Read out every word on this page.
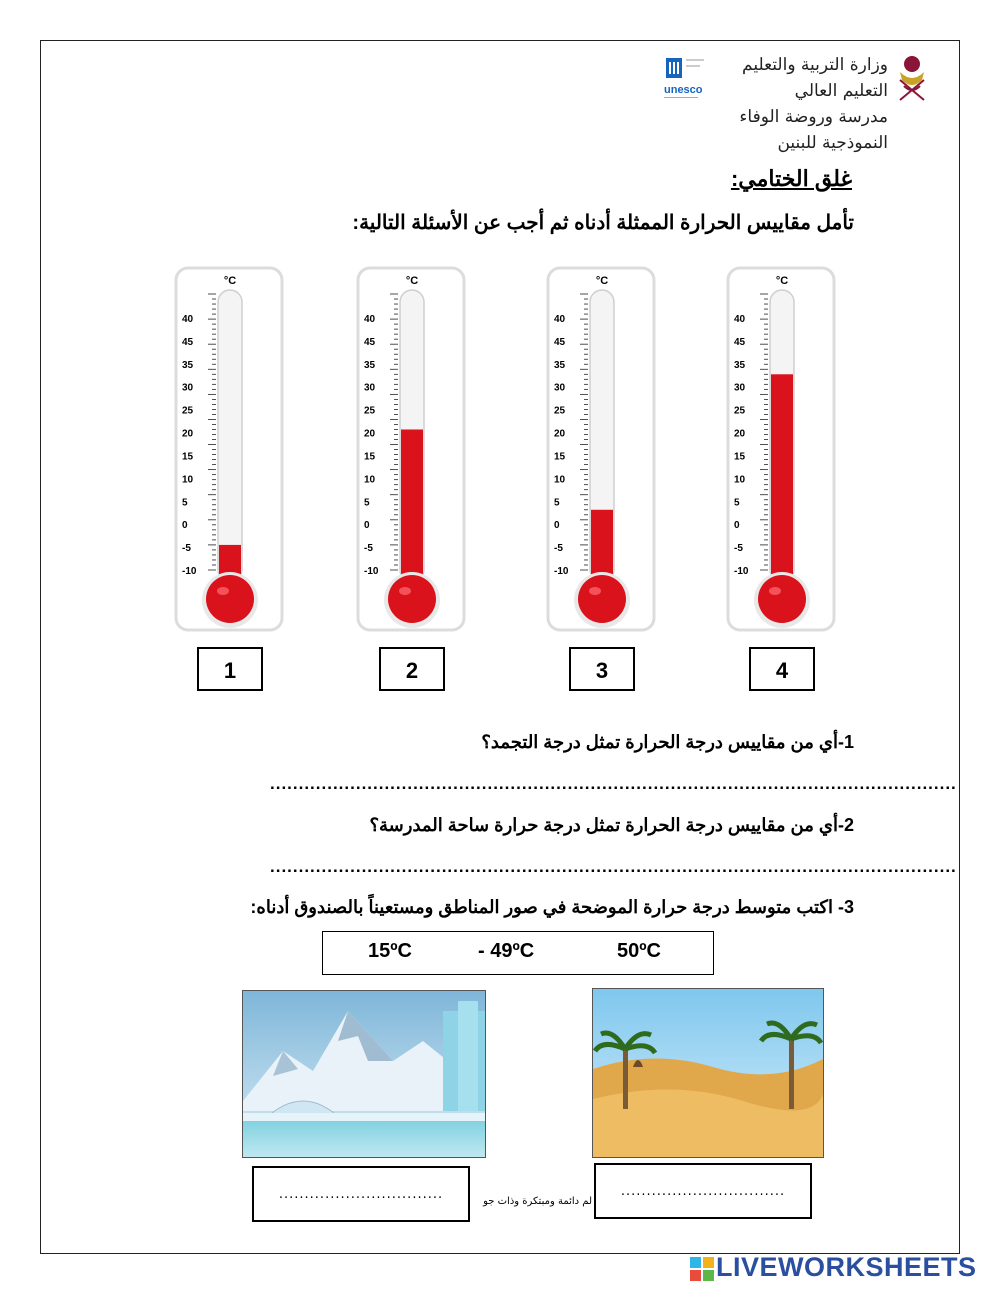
وزارة التربية والتعليم التعليم العالي
مدرسة وروضة الوفاء النموذجية للبنين
unesco
غلق الختامي:
تأمل مقاييس الحرارة الممثلة أدناه ثم أجب عن الأسئلة التالية:
°C
40
45
35
30
25
20
15
10
5
0
-5
-10
1
°C
40
45
35
30
25
20
15
10
5
0
-5
-10
2
°C
40
45
35
30
25
20
15
10
5
0
-5
-10
3
°C
40
45
35
30
25
20
15
10
5
0
-5
-10
4
1-أي من مقاييس درجة الحرارة تمثل درجة التجمد؟
........................................................................................................................
2-أي من مقاييس درجة الحرارة تمثل درجة حرارة ساحة المدرسة؟
........................................................................................................................
3- اكتب متوسط درجة حرارة الموضحة في صور المناطق ومستعيناً بالصندوق أدناه:
15ºC	- 49ºC	50ºC
................................	لم دائمة ومبتكرة وذات جو
................................
LIVEWORKSHEETS
